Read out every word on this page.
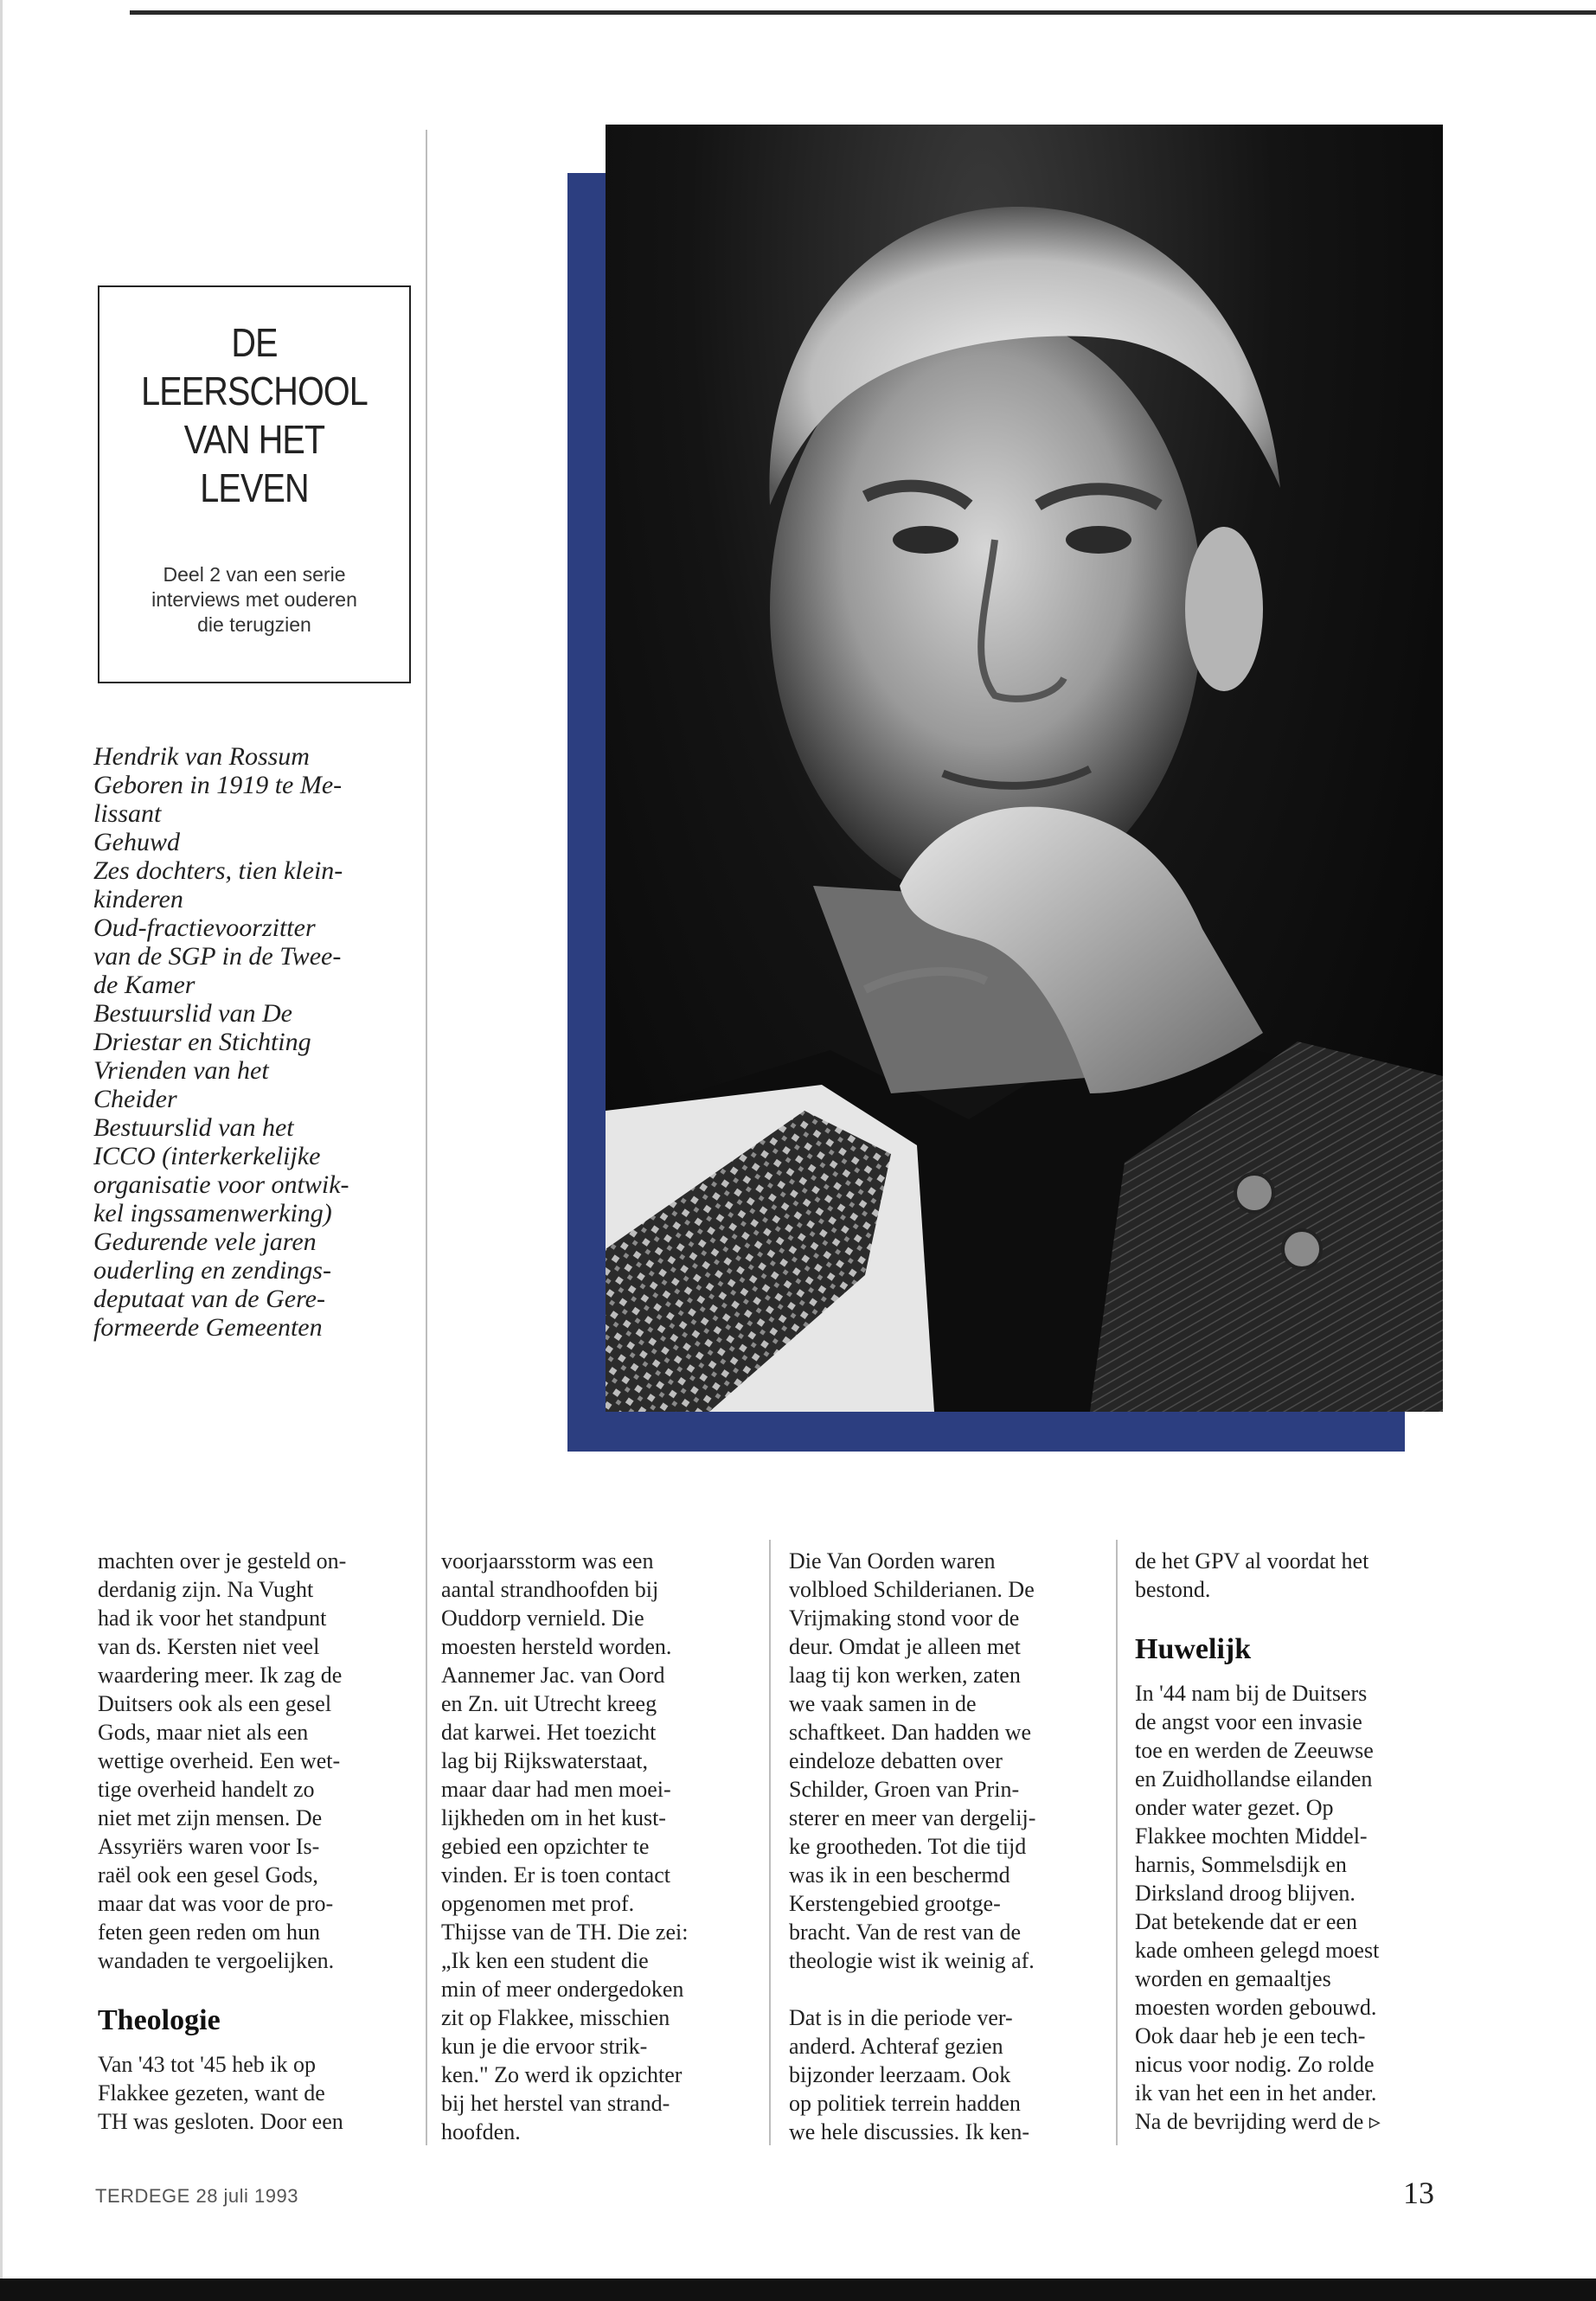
DE
LEERSCHOOL
VAN HET
LEVEN
Deel 2 van een serie
interviews met ouderen
die terugzien
Hendrik van Rossum
Geboren in 1919 te Me-
lissant
Gehuwd
Zes dochters, tien klein-
kinderen
Oud-fractievoorzitter
van de SGP in de Twee-
de Kamer
Bestuurslid van De
Driestar en Stichting
Vrienden van het
Cheider
Bestuurslid van het
ICCO (interkerkelijke
organisatie voor ontwik-
kel ingssamenwerking)
Gedurende vele jaren
ouderling en zendings-
deputaat van de Gere-
formeerde Gemeenten
machten over je gesteld on-
derdanig zijn. Na Vught
had ik voor het standpunt
van ds. Kersten niet veel
waardering meer. Ik zag de
Duitsers ook als een gesel
Gods, maar niet als een
wettige overheid. Een wet-
tige overheid handelt zo
niet met zijn mensen. De
Assyriërs waren voor Is-
raël ook een gesel Gods,
maar dat was voor de pro-
feten geen reden om hun
wandaden te vergoelijken.
Theologie
Van '43 tot '45 heb ik op
Flakkee gezeten, want de
TH was gesloten. Door een
voorjaarsstorm was een
aantal strandhoofden bij
Ouddorp vernield. Die
moesten hersteld worden.
Aannemer Jac. van Oord
en Zn. uit Utrecht kreeg
dat karwei. Het toezicht
lag bij Rijkswaterstaat,
maar daar had men moei-
lijkheden om in het kust-
gebied een opzichter te
vinden. Er is toen contact
opgenomen met prof.
Thijsse van de TH. Die zei:
„Ik ken een student die
min of meer ondergedoken
zit op Flakkee, misschien
kun je die ervoor strik-
ken." Zo werd ik opzichter
bij het herstel van strand-
hoofden.
Die Van Oorden waren
volbloed Schilderianen. De
Vrijmaking stond voor de
deur. Omdat je alleen met
laag tij kon werken, zaten
we vaak samen in de
schaftkeet. Dan hadden we
eindeloze debatten over
Schilder, Groen van Prin-
sterer en meer van dergelij-
ke grootheden. Tot die tijd
was ik in een beschermd
Kerstengebied grootge-
bracht. Van de rest van de
theologie wist ik weinig af.
Dat is in die periode ver-
anderd. Achteraf gezien
bijzonder leerzaam. Ook
op politiek terrein hadden
we hele discussies. Ik ken-
de het GPV al voordat het
bestond.
Huwelijk
In '44 nam bij de Duitsers
de angst voor een invasie
toe en werden de Zeeuwse
en Zuidhollandse eilanden
onder water gezet. Op
Flakkee mochten Middel-
harnis, Sommelsdijk en
Dirksland droog blijven.
Dat betekende dat er een
kade omheen gelegd moest
worden en gemaaltjes
moesten worden gebouwd.
Ook daar heb je een tech-
nicus voor nodig. Zo rolde
ik van het een in het ander.
Na de bevrijding werd de ▹
TERDEGE 28 juli 1993	13
